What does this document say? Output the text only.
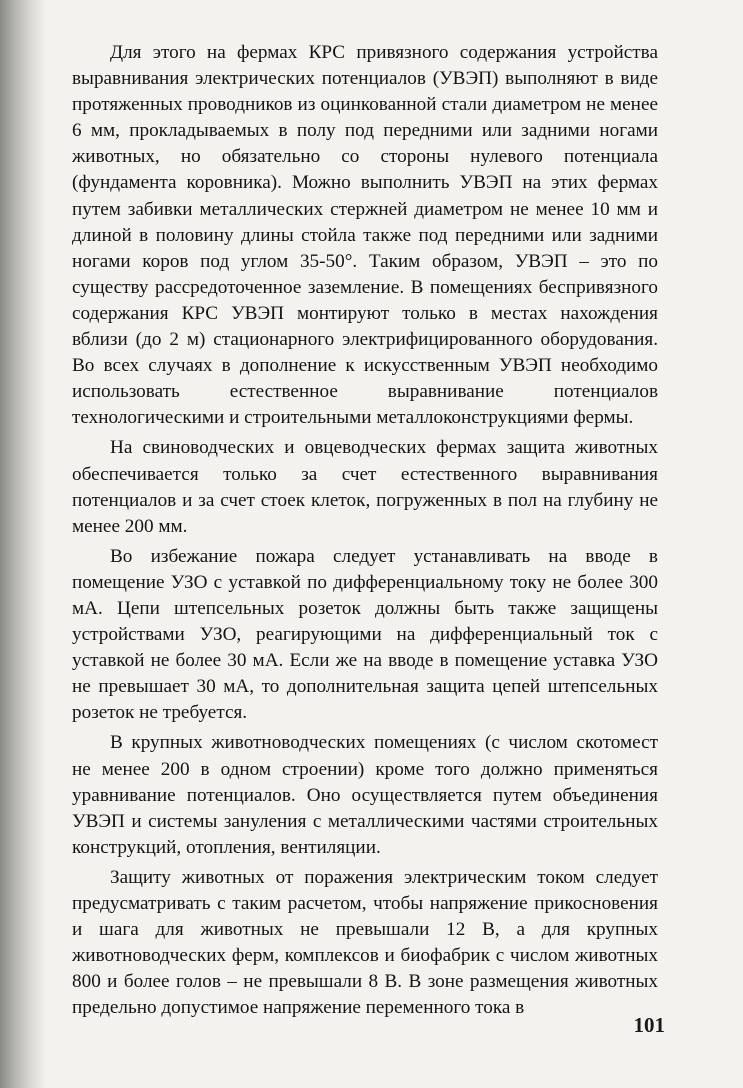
Для этого на фермах КРС привязного содержания устройства выравнивания электрических потенциалов (УВЭП) выполняют в виде протяженных проводников из оцинкованной стали диаметром не менее 6 мм, прокладываемых в полу под передними или задними ногами животных, но обязательно со стороны нулевого потенциала (фундамента коровника). Можно выполнить УВЭП на этих фермах путем забивки металлических стержней диаметром не менее 10 мм и длиной в половину длины стойла также под передними или задними ногами коров под углом 35-50°. Таким образом, УВЭП – это по существу рассредоточенное заземление. В помещениях беспривязного содержания КРС УВЭП монтируют только в местах нахождения вблизи (до 2 м) стационарного электрифицированного оборудования. Во всех случаях в дополнение к искусственным УВЭП необходимо использовать естественное выравнивание потенциалов технологическими и строительными металлоконструкциями фермы.

На свиноводческих и овцеводческих фермах защита животных обеспечивается только за счет естественного выравнивания потенциалов и за счет стоек клеток, погруженных в пол на глубину не менее 200 мм.

Во избежание пожара следует устанавливать на вводе в помещение УЗО с уставкой по дифференциальному току не более 300 мА. Цепи штепсельных розеток должны быть также защищены устройствами УЗО, реагирующими на дифференциальный ток с уставкой не более 30 мА. Если же на вводе в помещение уставка УЗО не превышает 30 мА, то дополнительная защита цепей штепсельных розеток не требуется.

В крупных животноводческих помещениях (с числом скотомест не менее 200 в одном строении) кроме того должно применяться уравнивание потенциалов. Оно осуществляется путем объединения УВЭП и системы зануления с металлическими частями строительных конструкций, отопления, вентиляции.

Защиту животных от поражения электрическим током следует предусматривать с таким расчетом, чтобы напряжение прикосновения и шага для животных не превышали 12 В, а для крупных животноводческих ферм, комплексов и биофабрик с числом животных 800 и более голов – не превышали 8 В. В зоне размещения животных предельно допустимое напряжение переменного тока в

101
